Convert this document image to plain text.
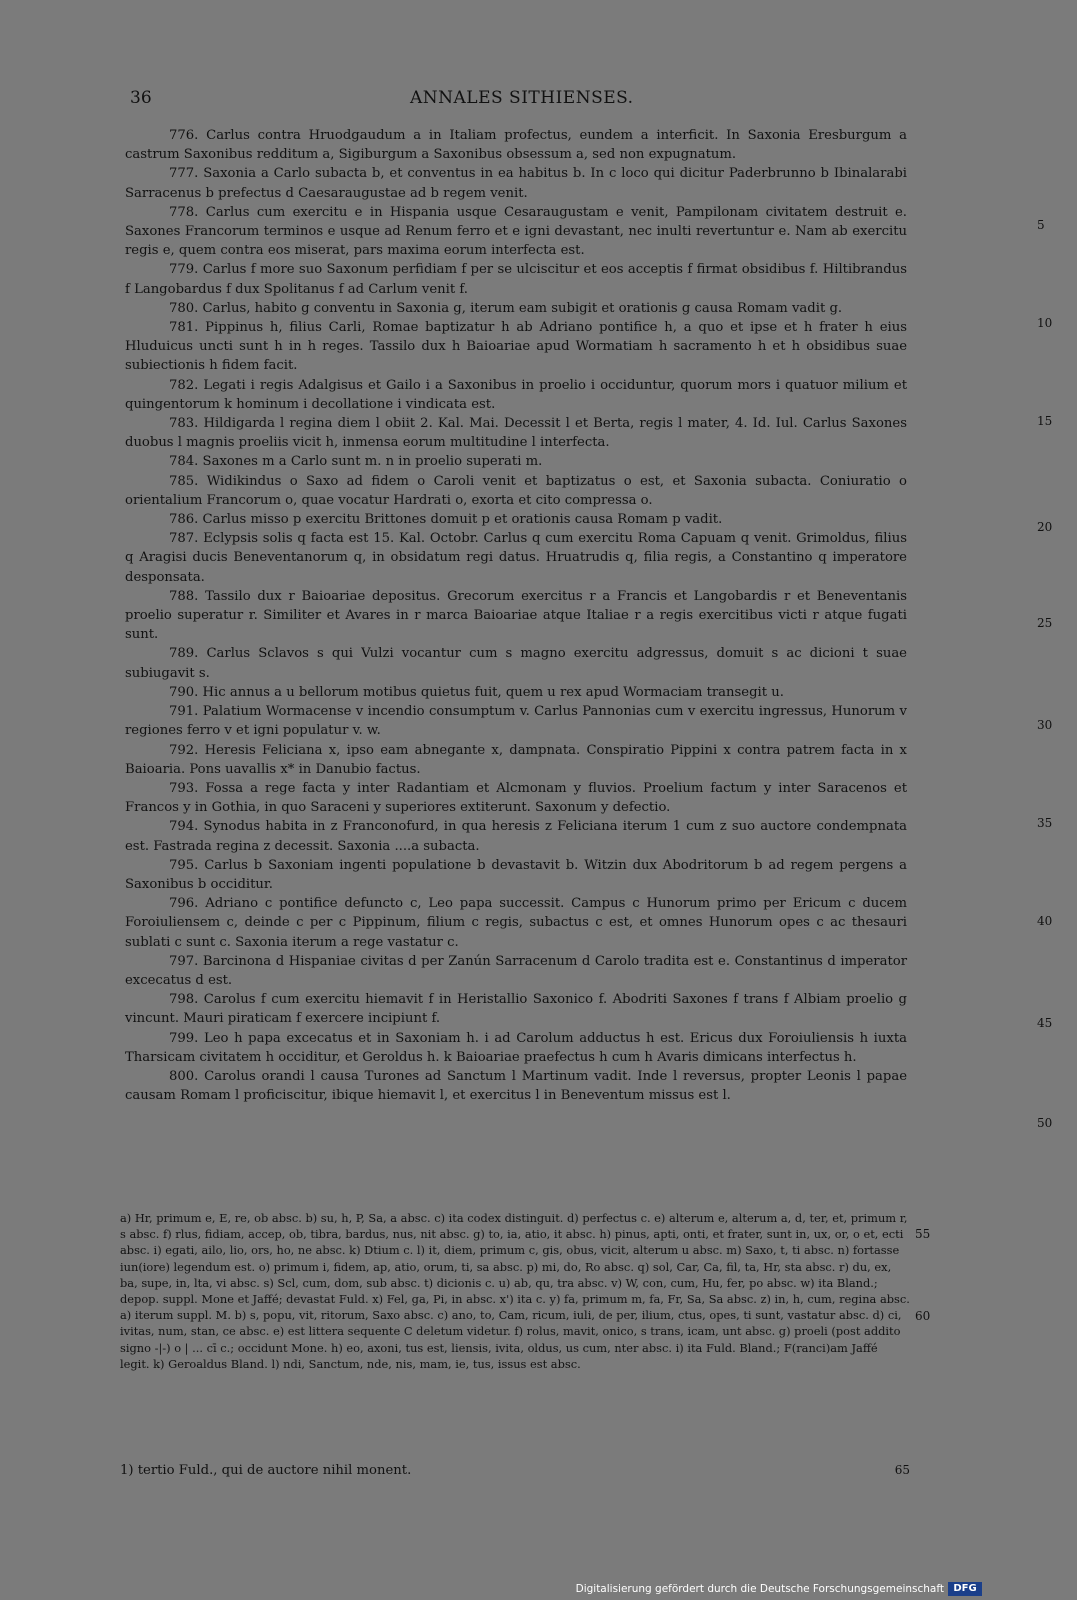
36	ANNALES SITHIENSES.

776. Carlus contra Hruodgaudum a in Italiam profectus, eundem a interficit. In Saxonia Eresburgum a castrum Saxonibus redditum a, Sigiburgum a Saxonibus obsessum a, sed non expugnatum.

777. Saxonia a Carlo subacta b, et conventus in ea habitus b. In c loco qui dicitur Paderbrunno b Ibinalarabi Sarracenus b prefectus d Caesaraugustae ad b regem venit.

778. Carlus cum exercitu e in Hispania usque Cesaraugustam e venit, Pampilonam civitatem destruit e. Saxones Francorum terminos e usque ad Renum ferro et e igni devastant, nec inulti revertuntur e. Nam ab exercitu regis e, quem contra eos miserat, pars maxima eorum interfecta est.

779. Carlus f more suo Saxonum perfidiam f per se ulciscitur et eos acceptis f firmat obsidibus f. Hiltibrandus f Langobardus f dux Spolitanus f ad Carlum venit f.

780. Carlus, habito g conventu in Saxonia g, iterum eam subigit et orationis g causa Romam vadit g.

781. Pippinus h, filius Carli, Romae baptizatur h ab Adriano pontifice h, a quo et ipse et h frater h eius Hluduicus uncti sunt h in h reges. Tassilo dux h Baioariae apud Wormatiam h sacramento h et h obsidibus suae subiectionis h fidem facit.

782. Legati i regis Adalgisus et Gailo i a Saxonibus in proelio i occiduntur, quorum mors i quatuor milium et quingentorum k hominum i decollatione i vindicata est.

783. Hildigarda l regina diem l obiit 2. Kal. Mai. Decessit l et Berta, regis l mater, 4. Id. Iul. Carlus Saxones duobus l magnis proeliis vicit h, inmensa eorum multitudine l interfecta.

784. Saxones m a Carlo sunt m. n in proelio superati m.

785. Widikindus o Saxo ad fidem o Caroli venit et baptizatus o est, et Saxonia subacta. Coniuratio o orientalium Francorum o, quae vocatur Hardrati o, exorta et cito compressa o.

786. Carlus misso p exercitu Brittones domuit p et orationis causa Romam p vadit.

787. Eclypsis solis q facta est 15. Kal. Octobr. Carlus q cum exercitu Roma Capuam q venit. Grimoldus, filius q Aragisi ducis Beneventanorum q, in obsidatum regi datus. Hruatrudis q, filia regis, a Constantino q imperatore desponsata.

788. Tassilo dux r Baioariae depositus. Grecorum exercitus r a Francis et Langobardis r et Beneventanis proelio superatur r. Similiter et Avares in r marca Baioariae atque Italiae r a regis exercitibus victi r atque fugati sunt.

789. Carlus Sclavos s qui Vulzi vocantur cum s magno exercitu adgressus, domuit s ac dicioni t suae subiugavit s.

790. Hic annus a u bellorum motibus quietus fuit, quem u rex apud Wormaciam transegit u.

791. Palatium Wormacense v incendio consumptum v. Carlus Pannonias cum v exercitu ingressus, Hunorum v regiones ferro v et igni populatur v. w.

792. Heresis Feliciana x, ipso eam abnegante x, dampnata. Conspiratio Pippini x contra patrem facta in x Baioaria. Pons uavallis x* in Danubio factus.

793. Fossa a rege facta y inter Radantiam et Alcmonam y fluvios. Proelium factum y inter Saracenos et Francos y in Gothia, in quo Saraceni y superiores extiterunt. Saxonum y defectio.

794. Synodus habita in z Franconofurd, in qua heresis z Feliciana iterum 1 cum z suo auctore condempnata est. Fastrada regina z decessit. Saxonia ....a subacta.

795. Carlus b Saxoniam ingenti populatione b devastavit b. Witzin dux Abodritorum b ad regem pergens a Saxonibus b occiditur.

796. Adriano c pontifice defuncto c, Leo papa successit. Campus c Hunorum primo per Ericum c ducem Foroiuliensem c, deinde c per c Pippinum, filium c regis, subactus c est, et omnes Hunorum opes c ac thesauri sublati c sunt c. Saxonia iterum a rege vastatur c.

797. Barcinona d Hispaniae civitas d per Zanún Sarracenum d Carolo tradita est e. Constantinus d imperator excecatus d est.

798. Carolus f cum exercitu hiemavit f in Heristallio Saxonico f. Abodriti Saxones f trans f Albiam proelio g vincunt. Mauri piraticam f exercere incipiunt f.

799. Leo h papa excecatus et in Saxoniam h. i ad Carolum adductus h est. Ericus dux Foroiuliensis h iuxta Tharsicam civitatem h occiditur, et Geroldus h. k Baioariae praefectus h cum h Avaris dimicans interfectus h.

800. Carolus orandi l causa Turones ad Sanctum l Martinum vadit. Inde l reversus, propter Leonis l papae causam Romam l proficiscitur, ibique hiemavit l, et exercitus l in Beneventum missus est l.

5
10
15
20
25
30
35
40
45
50
a) Hr, primum e, E, re, ob absc. b) su, h, P, Sa, a absc. c) ita codex distinguit. d) perfectus c. e) alterum e, alterum a, d, ter, et, primum r, s absc. f) rlus, fidiam, accep, ob, tibra, bardus, nus, nit absc. g) to, ia, atio, it absc. h) pinus, apti, onti, et frater, sunt in, ux, or, o et, ecti absc. i) egati, ailo, lio, ors, ho, ne absc. k) Dtium c. l) it, diem, primum c, gis, obus, vicit, alterum u absc. m) Saxo, t, ti absc. n) fortasse iun(iore) legendum est. o) primum i, fidem, ap, atio, orum, ti, sa absc. p) mi, do, Ro absc. q) sol, Car, Ca, fil, ta, Hr, sta absc. r) du, ex, ba, supe, in, lta, vi absc. s) Scl, cum, dom, sub absc. t) dicionis c. u) ab, qu, tra absc. v) W, con, cum, Hu, fer, po absc. w) ita Bland.; depop. suppl. Mone et Jaffé; devastat Fuld. x) Fel, ga, Pi, in absc. x') ita c. y) fa, primum m, fa, Fr, Sa, Sa absc. z) in, h, cum, regina absc. a) iterum suppl. M. b) s, popu, vit, ritorum, Saxo absc. c) ano, to, Cam, ricum, iuli, de per, ilium, ctus, opes, ti sunt, vastatur absc. d) ci, ivitas, num, stan, ce absc. e) est littera sequente C deletum videtur. f) rolus, mavit, onico, s trans, icam, unt absc. g) proeli (post addito signo -|-) o | ... cī c.; occidunt Mone. h) eo, axoni, tus est, liensis, ivita, oldus, us cum, nter absc. i) ita Fuld. Bland.; F(ranci)am Jaffé legit. k) Geroaldus Bland. l) ndi, Sanctum, nde, nis, mam, ie, tus, issus est absc.
55
60
1) tertio Fuld., qui de auctore nihil monent.	65
Digitalisierung gefördert durch die Deutsche Forschungsgemeinschaft DFG
